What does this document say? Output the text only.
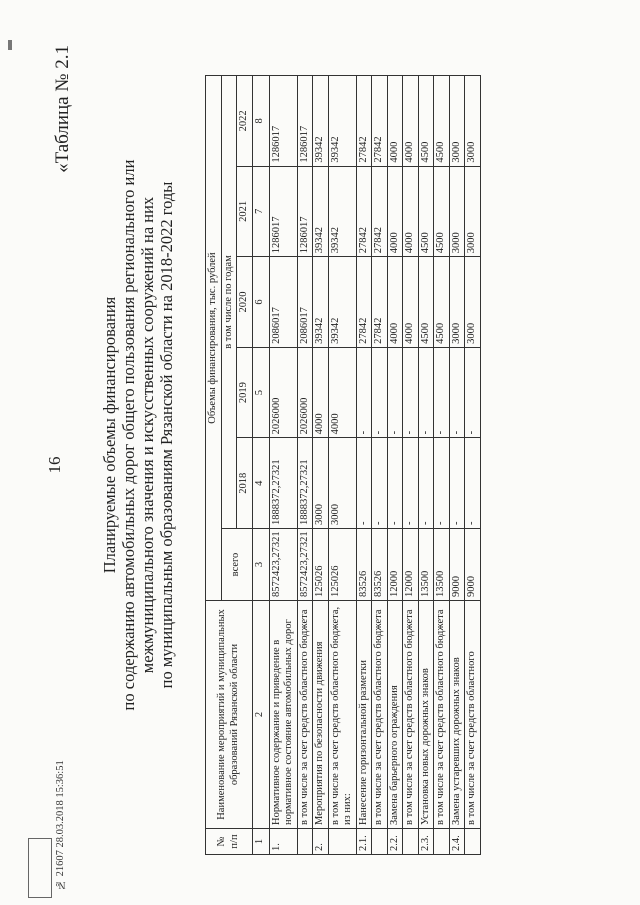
16
«Таблица № 2.1
Планируемые объемы финансирования по содержанию автомобильных дорог общего пользования регионального или межмуниципального значения и искусственных сооружений на них по муниципальным образованиям Рязанской области на 2018-2022 годы
№ п/п	Наименование мероприятий и муниципальных образований Рязанской области	Объемы финансирования, тыс. рублей					
		всего	в том числе по годам				
			2018	2019	2020	2021	2022
1	2	3	4	5	6	7	8
1.	Нормативное содержание и приведение в нормативное состояние автомобильных дорог	8572423,27321	1888372,27321	2026000	2086017	1286017	1286017
	в том числе за счет средств областного бюджета	8572423,27321	1888372,27321	2026000	2086017	1286017	1286017
2.	Мероприятия по безопасности движения	125026	3000	4000	39342	39342	39342
	в том числе за счет средств областного бюджета, из них:	125026	3000	4000	39342	39342	39342
2.1.	Нанесение горизонтальной разметки	83526	-	-	27842	27842	27842
	в том числе за счет средств областного бюджета	83526	-	-	27842	27842	27842
2.2.	Замена барьерного ограждения	12000	-	-	4000	4000	4000
	в том числе за счет средств областного бюджета	12000	-	-	4000	4000	4000
2.3.	Установка новых дорожных знаков	13500	-	-	4500	4500	4500
	в том числе за счет средств областного бюджета	13500	-	-	4500	4500	4500
2.4.	Замена устаревших дорожных знаков	9000	-	-	3000	3000	3000
	в том числе за счет средств областного	9000	-	-	3000	3000	3000
№ 21607 28.03.2018 15:36:51
